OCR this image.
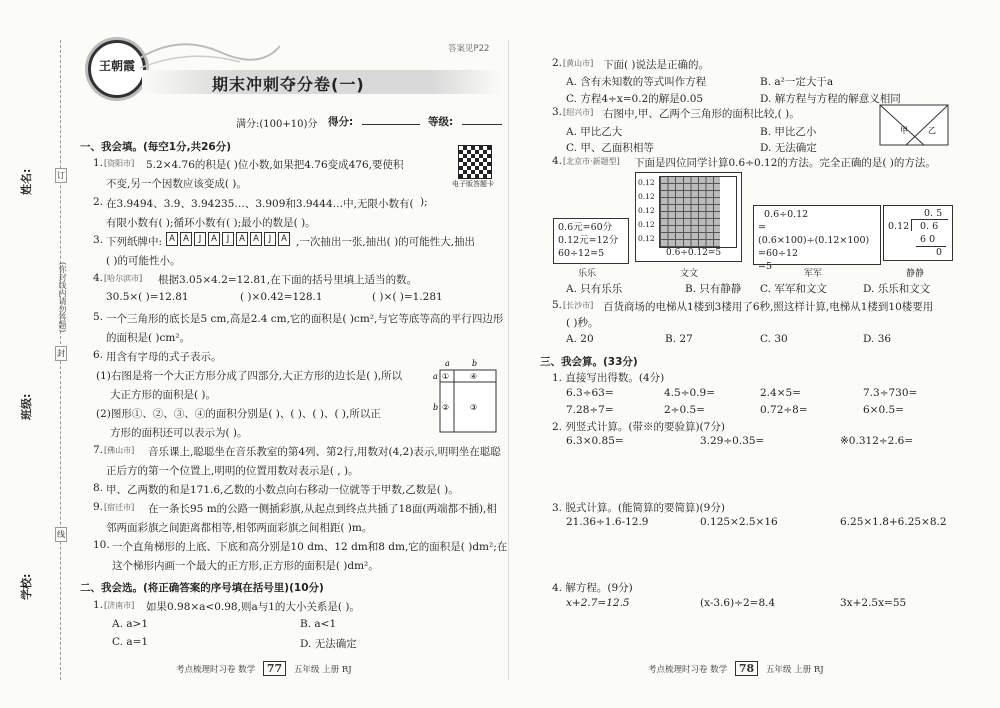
姓名:
班级:
学校:
(你封线内请勿答题)
订
封
线
王朝霞
答案见P22
期末冲刺夺分卷(一)
满分:(100+10)分 得分:	等级:
电子版答题卡
一、我会填。(每空1分,共26分)
1. [资阳市] 5.2×4.76的积是( )位小数,如果把4.76变成476,要使积
不变,另一个因数应该变成( )。
2. 在3.9494、3.9、3.94235…、3.909和3.9444…中,无限小数有( );
有限小数有( );循环小数有( );最小的数是( )。
3. 下列纸牌中: A A	J	A	J	A A	J	A ,一次抽出一张,抽出( )的可能性大,抽出
( )的可能性小。
4. [哈尔滨市] 根据3.05×4.2=12.81,在下面的括号里填上适当的数。
30.5×( )=12.81	( )×0.42=128.1	( )×( )=1.281
5. 一个三角形的底长是5 cm,高是2.4 cm,它的面积是( )cm²,与它等底等高的平行四边形
的面积是( )cm²。
6. 用含有字母的式子表示。
(1)右图是将一个大正方形分成了四部分,大正方形的边长是( ),所以
大正方形的面积是( )。
(2)图形①、②、③、④的面积分别是( )、( )、( )、( ),所以正
方形的面积还可以表示为( )。
a	b
a
b
①	④
②	③
7. [佛山市] 音乐课上,聪聪坐在音乐教室的第4列、第2行,用数对(4,2)表示,明明坐在聪聪
正后方的第一个位置上,明明的位置用数对表示是( , )。
8. 甲、乙两数的和是171.6,乙数的小数点向右移动一位就等于甲数,乙数是( )。
9. [宿迁市] 在一条长95 m的公路一侧插彩旗,从起点到终点共插了18面(两端都不插),相
邻两面彩旗之间距离都相等,相邻两面彩旗之间相距( )m。
10. 一个直角梯形的上底、下底和高分别是10 dm、12 dm和8 dm,它的面积是( )dm²;在
这个梯形内画一个最大的正方形,正方形的面积是( )dm²。
二、我会选。(将正确答案的序号填在括号里)(10分)
1. [济南市] 如果0.98×a<0.98,则a与1的大小关系是( )。
A. a>1	B. a<1
C. a=1	D. 无法确定
考点梳理时习卷 数学 77 五年级 上册 RJ
2. [黄山市] 下面( )说法是正确的。
A. 含有未知数的等式叫作方程	B. a²一定大于a
C. 方程4÷x=0.2的解是0.05	D. 解方程与方程的解意义相同
3. [绍兴市] 右图中,甲、乙两个三角形的面积比较,( )。
A. 甲比乙大	B. 甲比乙小
C. 甲、乙面积相等	D. 无法确定
甲	乙
4. [北京市·新题型] 下面是四位同学计算0.6÷0.12的方法。完全正确的是( )的方法。
0.6元=60分
0.12元=12分
60÷12=5
0.12
0.12
0.12
0.12
0.12
0.6÷0.12=5
0.6÷0.12
=(0.6×100)÷(0.12×100)
=60÷12
=5
0. 5
0.12 0. 6
6 0
0
乐乐	文文	军军	静静
A. 只有乐乐	B. 只有静静 C. 军军和文文	D. 乐乐和文文
5. [长沙市] 百货商场的电梯从1楼到3楼用了6秒,照这样计算,电梯从1楼到10楼要用
( )秒。
A. 20	B. 27	C. 30	D. 36
三、我会算。(33分)
1. 直接写出得数。(4分)
6.3÷63=	4.5÷0.9=	2.4×5=	7.3÷730=
7.28÷7=	2÷0.5=	0.72÷8=	6×0.5=
2. 列竖式计算。(带※的要验算)(7分)
6.3×0.85=	3.29÷0.35=	※0.312÷2.6=
3. 脱式计算。(能简算的要简算)(9分)
21.36÷1.6-12.9	0.125×2.5×16	6.25×1.8+6.25×8.2
4. 解方程。(9分)
x+2.7=12.5	(x-3.6)÷2=8.4	3x+2.5x=55
考点梳理时习卷 数学 78 五年级 上册 RJ
